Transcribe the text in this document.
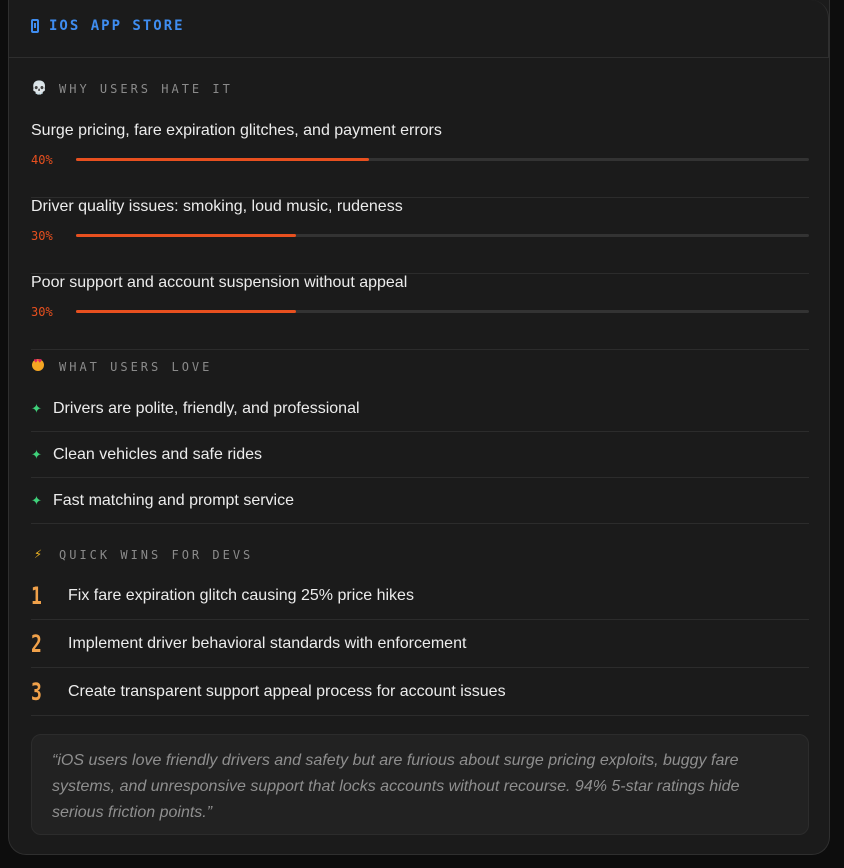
IOS APP STORE
💀 WHY USERS HATE IT
Surge pricing, fare expiration glitches, and payment errors
40%
Driver quality issues: smoking, loud music, rudeness
30%
Poor support and account suspension without appeal
30%
♥ ♥
WHAT USERS LOVE
✦ Drivers are polite, friendly, and professional
✦ Clean vehicles and safe rides
✦ Fast matching and prompt service
⚡ QUICK WINS FOR DEVS
1	Fix fare expiration glitch causing 25% price hikes
2	Implement driver behavioral standards with enforcement
3	Create transparent support appeal process for account issues
“iOS users love friendly drivers and safety but are furious about surge pricing exploits, buggy fare systems, and unresponsive support that locks accounts without recourse. 94% 5-star ratings hide serious friction points.”
